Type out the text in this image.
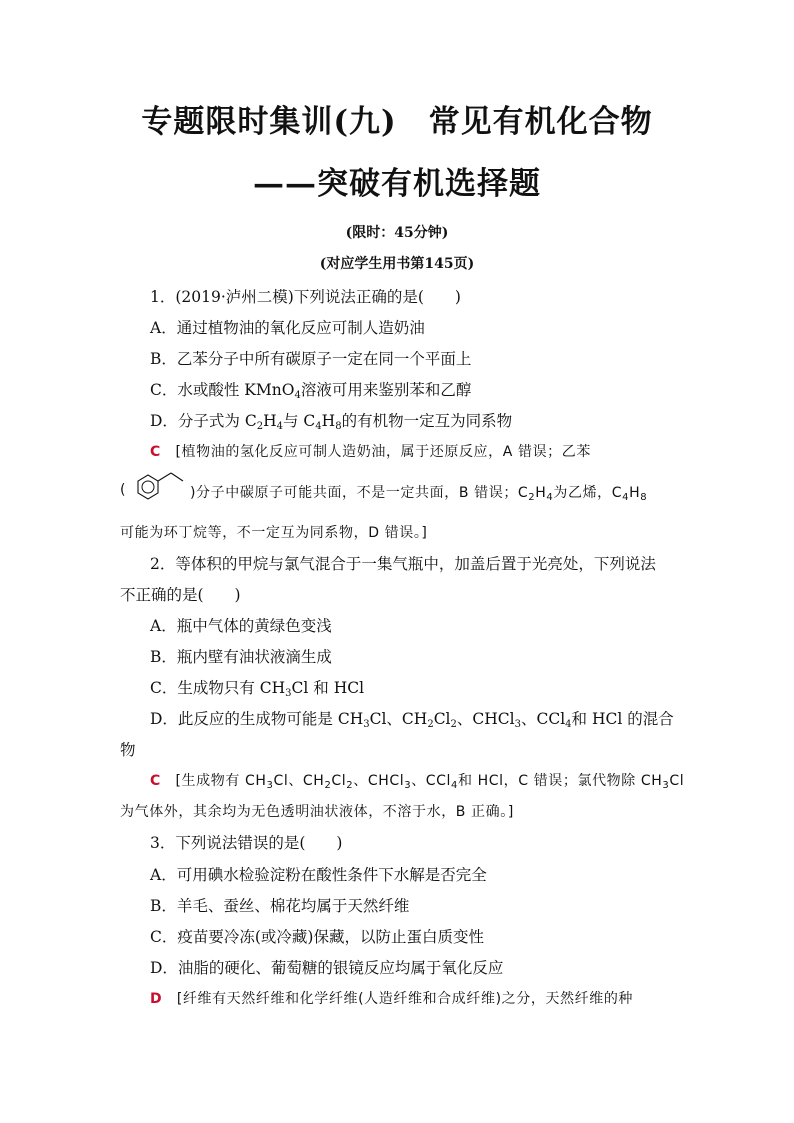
专题限时集训(九)　常见有机化合物
——突破有机选择题
(限时：45分钟)
(对应学生用书第145页)
1．(2019·泸州二模)下列说法正确的是(　　)
A．通过植物油的氧化反应可制人造奶油
B．乙苯分子中所有碳原子一定在同一个平面上
C．水或酸性 KMnO$_4$溶液可用来鉴别苯和乙醇
D．分子式为 $C_2H_4$与 $C_4H_8$的有机物一定互为同系物
C　 [植物油的氢化反应可制人造奶油，属于还原反应，A 错误；乙苯
(	)分子中碳原子可能共面，不是一定共面，B 错误；$C_2H_4$为乙烯，$C_4H_8$
可能为环丁烷等，不一定互为同系物，D 错误。]
2．等体积的甲烷与氯气混合于一集气瓶中，加盖后置于光亮处，下列说法
不正确的是(　　)
A．瓶中气体的黄绿色变浅
B．瓶内壁有油状液滴生成
C．生成物只有 $CH_3Cl$ 和 HCl
D．此反应的生成物可能是 $CH_3Cl$、$CH_2Cl_2$、CHCl$_3$、CCl$_4$和 HCl 的混合
物
C　 [生成物有 $CH_3Cl$、$CH_2Cl_2$、CHCl$_3$、CCl$_4$和 HCl，C 错误；氯代物除 $CH_3Cl$
为气体外，其余均为无色透明油状液体，不溶于水，B 正确。]
3．下列说法错误的是(　　)
A．可用碘水检验淀粉在酸性条件下水解是否完全
B．羊毛、蚕丝、棉花均属于天然纤维
C．疫苗要冷冻(或冷藏)保藏，以防止蛋白质变性
D．油脂的硬化、葡萄糖的银镜反应均属于氧化反应
D　 [纤维有天然纤维和化学纤维(人造纤维和合成纤维)之分，天然纤维的种
